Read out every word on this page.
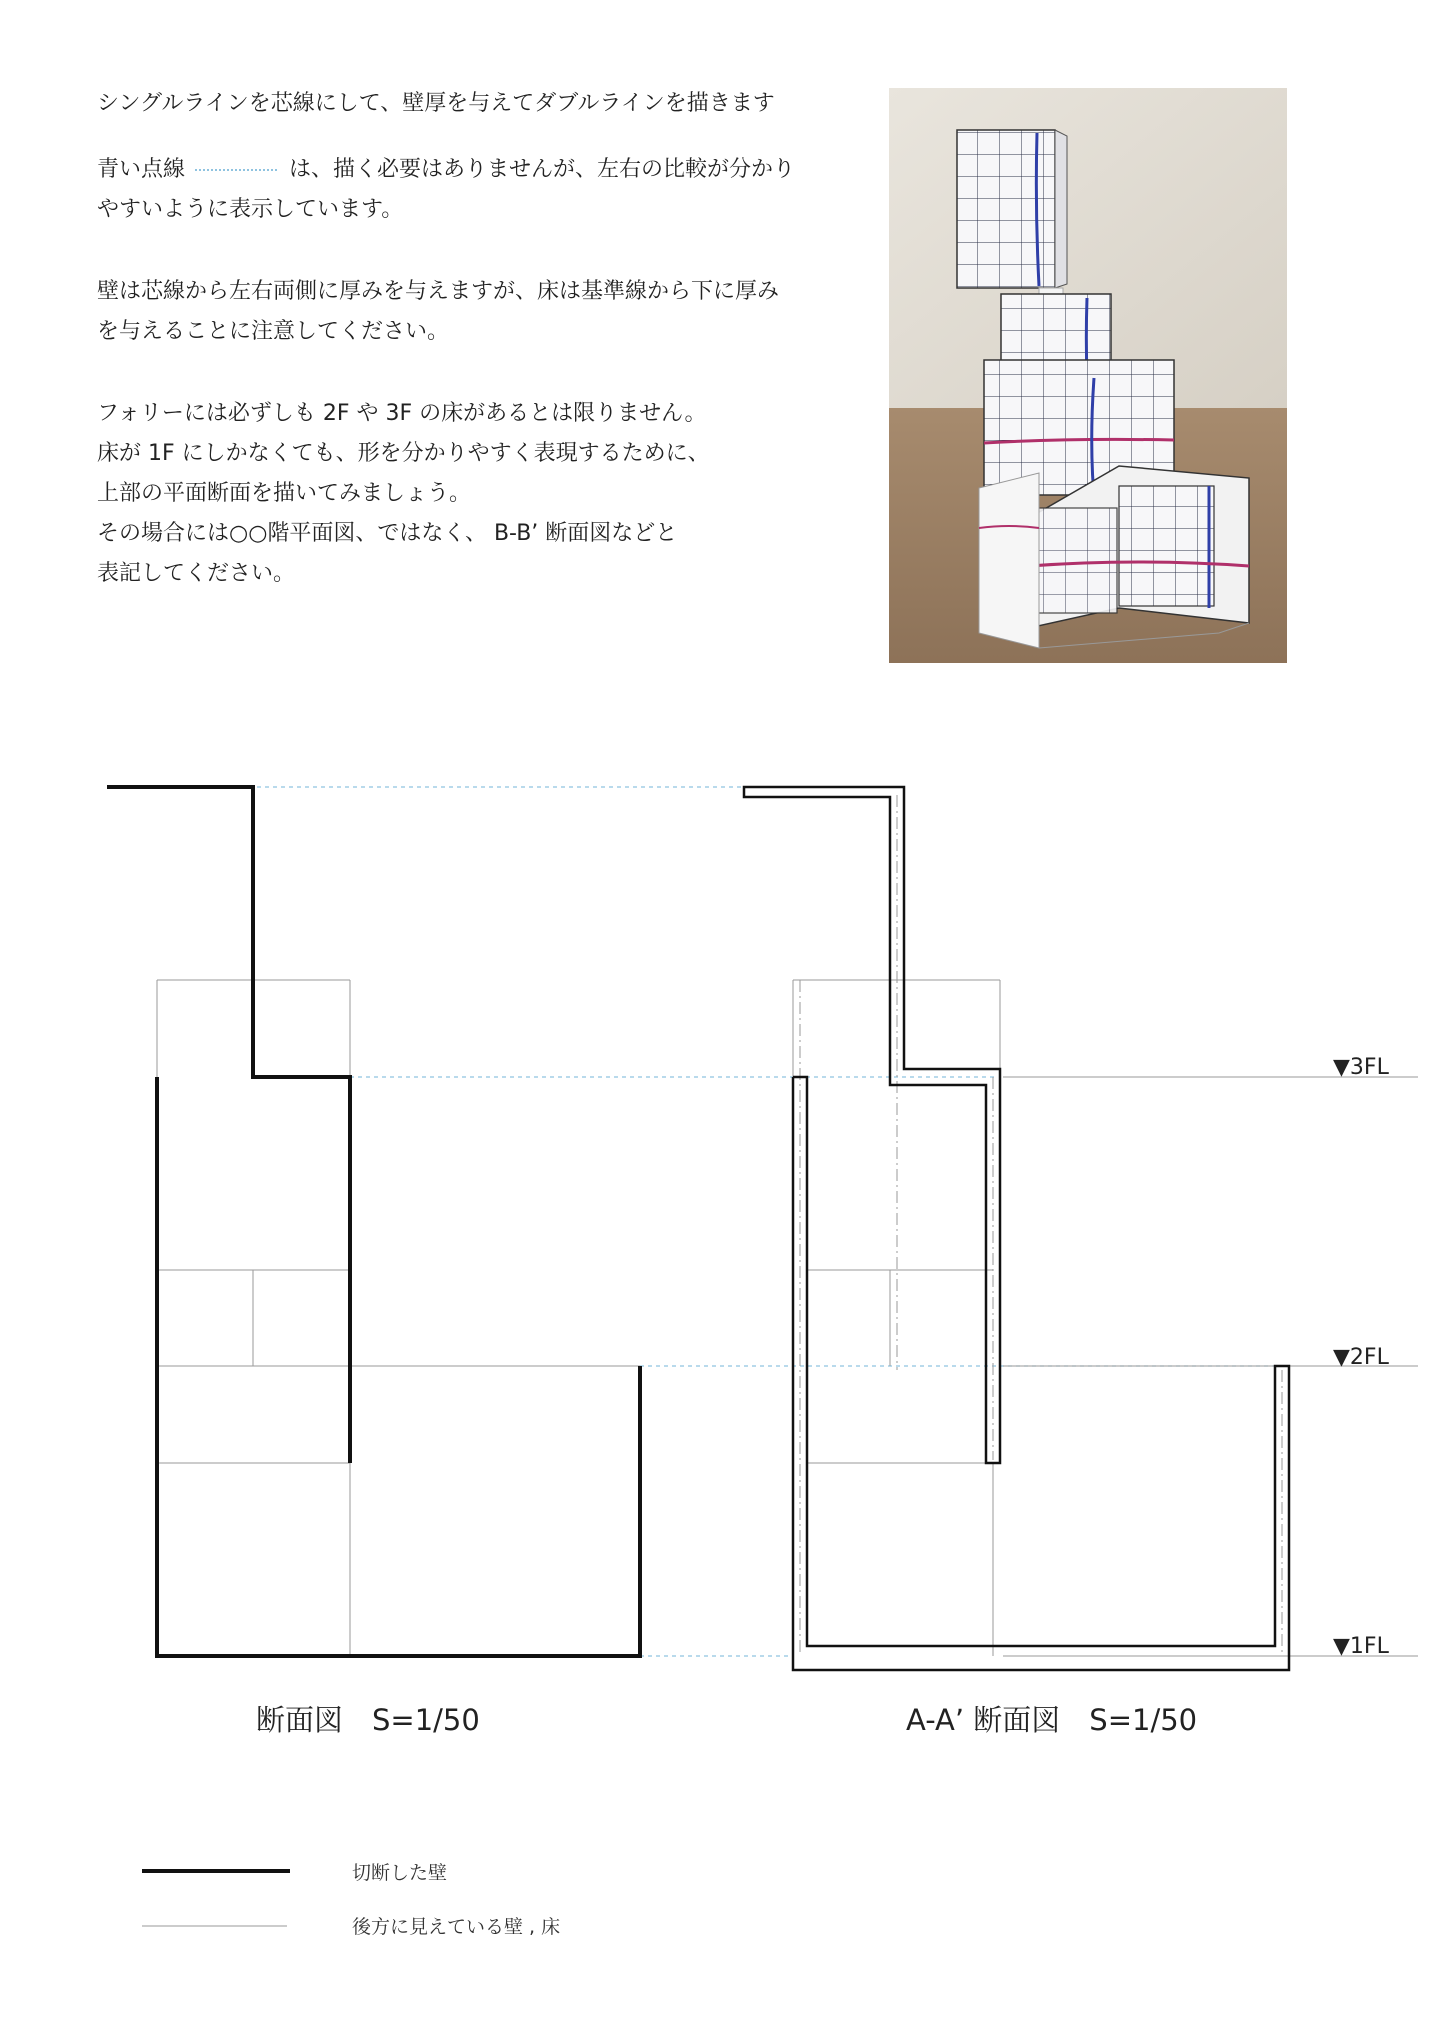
シングルラインを芯線にして、壁厚を与えてダブルラインを描きます

青い点線	は、描く必要はありませんが、左右の比較が分かり

やすいように表示しています。

壁は芯線から左右両側に厚みを与えますが、床は基準線から下に厚み

を与えることに注意してください。

フォリーには必ずしも 2F や 3F の床があるとは限りません。

床が 1F にしかなくても、形を分かりやすく表現するために、

上部の平面断面を描いてみましょう。

その場合には○○階平面図、ではなく、 B-B’ 断面図などと

表記してください。

▼3FL
▼2FL
▼1FL
断面図　S=1/50	A-A’ 断面図　S=1/50
切断した壁
後方に見えている壁 , 床
